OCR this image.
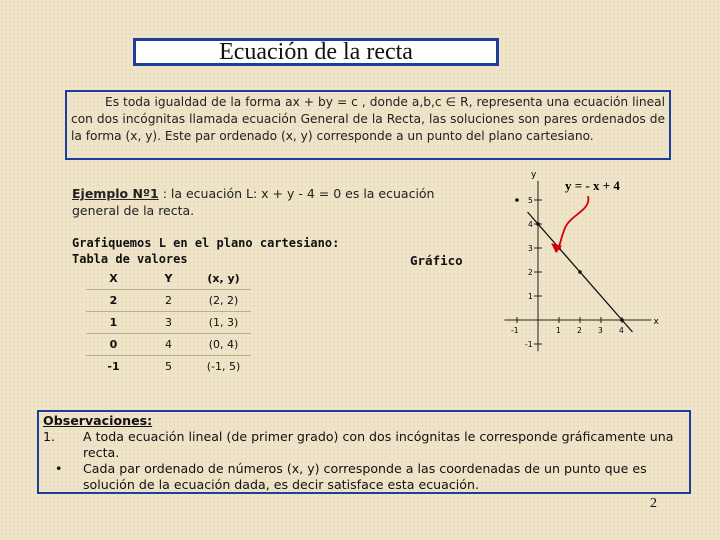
Ecuación de la recta
Es toda igualdad de la forma ax + by = c , donde a,b,c ∈ R, representa una ecuación lineal con dos incógnitas llamada ecuación General de la Recta, las soluciones son pares ordenados de la forma (x, y). Este par ordenado (x, y) corresponde a un punto del plano cartesiano.
Ejemplo Nº1 : la ecuación L: x + y - 4 = 0 es la ecuación general de la recta.
Grafiquemos L en el plano cartesiano:
Tabla de valores	Gráfico
X	Y	(x, y)
2	2	(2, 2)
1	3	(1, 3)
0	4	(0, 4)
-1	5	(-1, 5)
x
y
-1	1 2 3 4
-1
1
2
3
4
5
y = - x + 4
Observaciones:
1.	A toda ecuación lineal (de primer grado) con dos incógnitas le corresponde gráficamente una recta.
•	Cada par ordenado de números (x, y) corresponde a las coordenadas de un punto que es solución de la ecuación dada, es decir satisface esta ecuación.
2
